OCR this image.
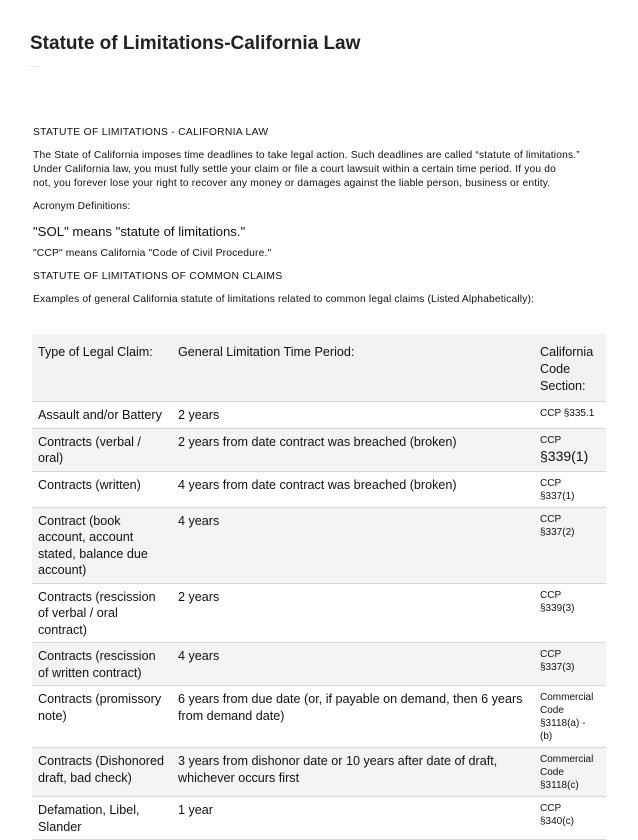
Statute of Limitations-California Law

STATUTE OF LIMITATIONS - CALIFORNIA LAW

The State of California imposes time deadlines to take legal action. Such deadlines are called “statute of limitations.”
Under California law, you must fully settle your claim or file a court lawsuit within a certain time period. If you do
not, you forever lose your right to recover any money or damages against the liable person, business or entity.

Acronym Definitions:

"SOL" means "statute of limitations."

"CCP" means California "Code of Civil Procedure."

STATUTE OF LIMITATIONS OF COMMON CLAIMS

Examples of general California statute of limitations related to common legal claims (Listed Alphabetically):

Type of Legal Claim:	General Limitation Time Period:	California
Code
Section:

Assault and/or Battery	2 years	CCP §335.1

Contracts (verbal / oral)	2 years from date contract was breached (broken)	CCP
§339(1)

Contracts (written)	4 years from date contract was breached (broken)	CCP
§337(1)

Contract (book account, account stated, balance due account)	4 years	CCP
§337(2)

Contracts (rescission of verbal / oral contract)	2 years	CCP
§339(3)

Contracts (rescission of written contract)	4 years	CCP
§337(3)

Contracts (promissory note)	6 years from due date (or, if payable on demand, then 6 years from demand date)	Commercial
Code
§3118(a) -
(b)

Contracts (Dishonored draft, bad check)	3 years from dishonor date or 10 years after date of draft, whichever occurs first	Commercial
Code
§3118(c)

Defamation, Libel, Slander	1 year	CCP
§340(c)
